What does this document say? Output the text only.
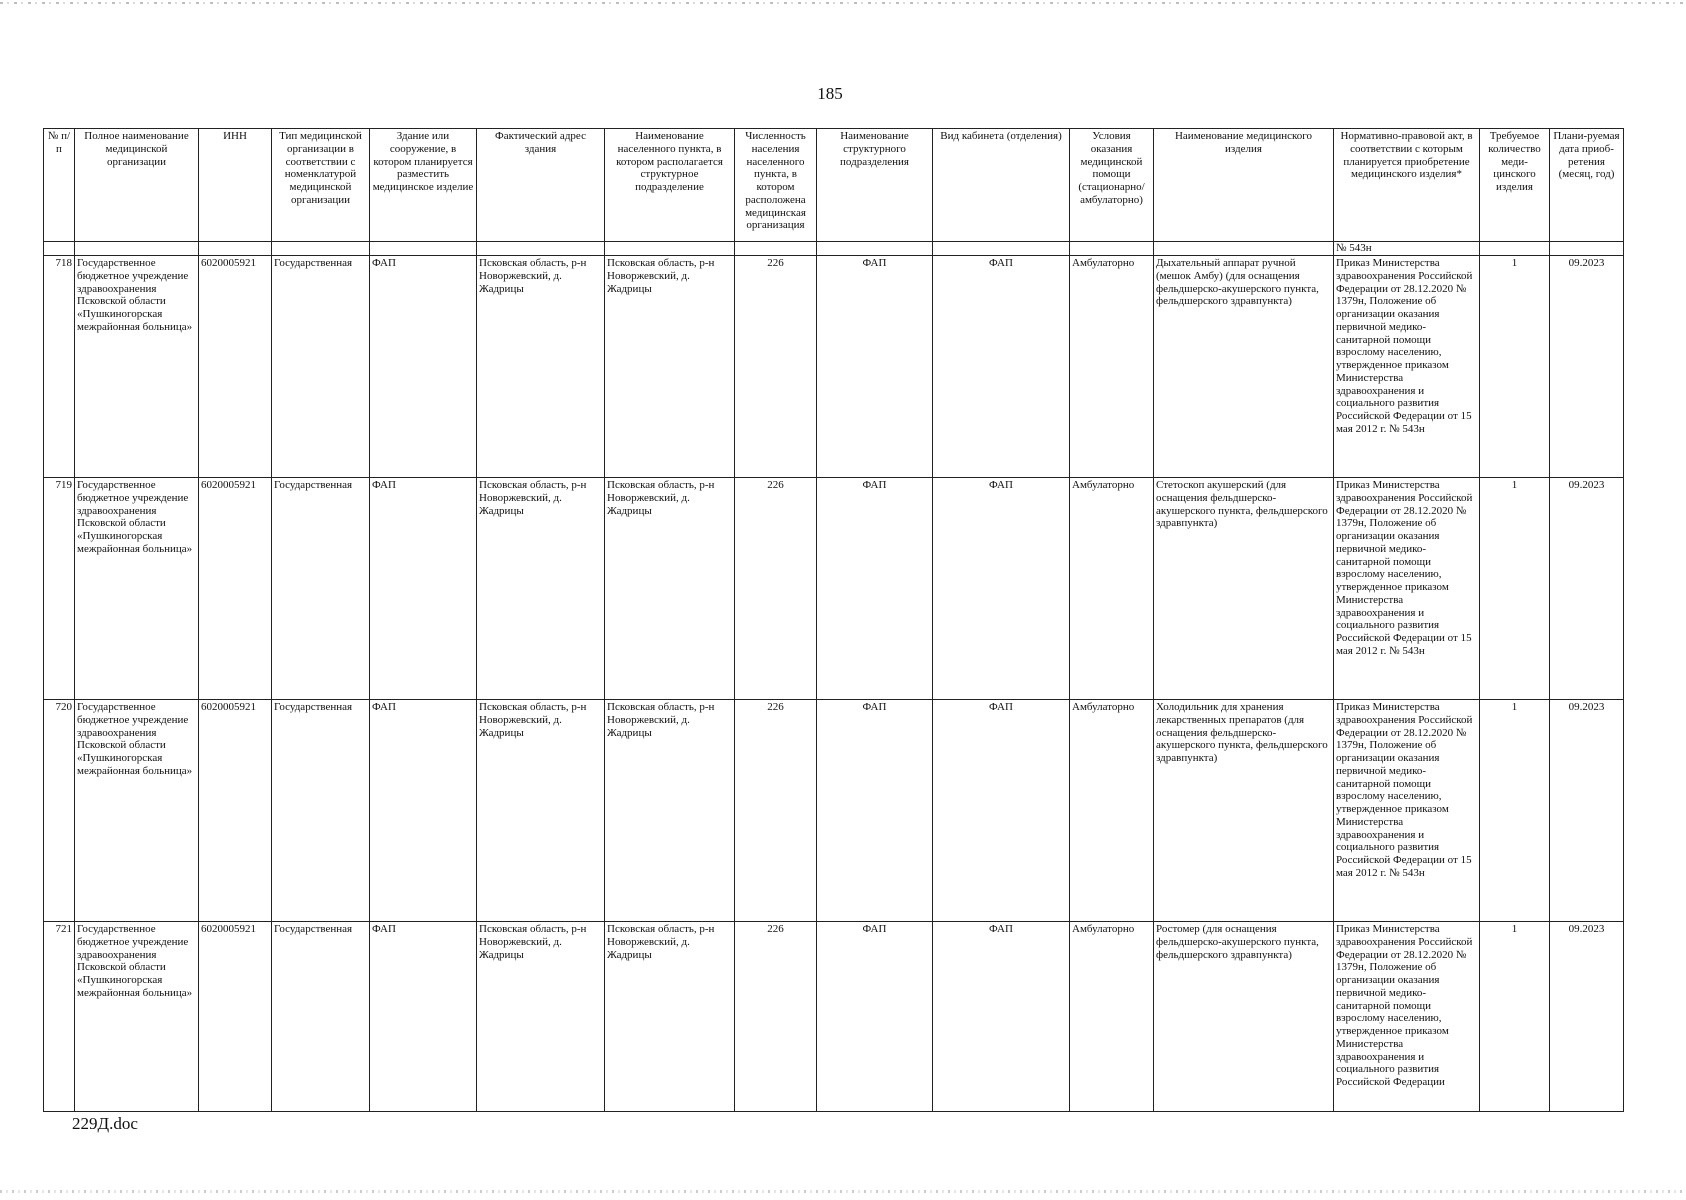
185
№ п/п	Полное наименование медицинской организации	ИНН	Тип медицинской организации в соответствии с номенклатурой медицинской организации	Здание или сооружение, в котором планируется разместить медицинское изделие	Фактический адрес здания	Наименование населенного пункта, в котором располагается структурное подразделение	Численность населения населенного пункта, в котором расположена медицинская организация	Наименование структурного подразделения	Вид кабинета (отделения)	Условия оказания медицинской помощи (стационарно/ амбулаторно)	Наименование медицинского изделия	Нормативно-правовой акт, в соответствии с которым планируется приобретение медицинского изделия*	Требуемое количество меди-цинского изделия	Плани-руемая дата приоб-ретения (месяц, год)
												№ 543н		
718	Государственное бюджетное учреждение здравоохранения Псковской области «Пушкиногорская межрайонная больница»	6020005921	Государственная	ФАП	Псковская область, р-н Новоржевский, д. Жадрицы	Псковская область, р-н Новоржевский, д. Жадрицы	226	ФАП	ФАП	Амбулаторно	Дыхательный аппарат ручной (мешок Амбу) (для оснащения фельдшерско-акушерского пункта, фельдшерского здравпункта)	Приказ Министерства здравоохранения Российской Федерации от 28.12.2020 № 1379н, Положение об организации оказания первичной медико-санитарной помощи взрослому населению, утвержденное приказом Министерства здравоохранения и социального развития Российской Федерации от 15 мая 2012 г. № 543н	1	09.2023
719	Государственное бюджетное учреждение здравоохранения Псковской области «Пушкиногорская межрайонная больница»	6020005921	Государственная	ФАП	Псковская область, р-н Новоржевский, д. Жадрицы	Псковская область, р-н Новоржевский, д. Жадрицы	226	ФАП	ФАП	Амбулаторно	Стетоскоп акушерский (для оснащения фельдшерско-акушерского пункта, фельдшерского здравпункта)	Приказ Министерства здравоохранения Российской Федерации от 28.12.2020 № 1379н, Положение об организации оказания первичной медико-санитарной помощи взрослому населению, утвержденное приказом Министерства здравоохранения и социального развития Российской Федерации от 15 мая 2012 г. № 543н	1	09.2023
720	Государственное бюджетное учреждение здравоохранения Псковской области «Пушкиногорская межрайонная больница»	6020005921	Государственная	ФАП	Псковская область, р-н Новоржевский, д. Жадрицы	Псковская область, р-н Новоржевский, д. Жадрицы	226	ФАП	ФАП	Амбулаторно	Холодильник для хранения лекарственных препаратов (для оснащения фельдшерско-акушерского пункта, фельдшерского здравпункта)	Приказ Министерства здравоохранения Российской Федерации от 28.12.2020 № 1379н, Положение об организации оказания первичной медико-санитарной помощи взрослому населению, утвержденное приказом Министерства здравоохранения и социального развития Российской Федерации от 15 мая 2012 г. № 543н	1	09.2023
721	Государственное бюджетное учреждение здравоохранения Псковской области «Пушкиногорская межрайонная больница»	6020005921	Государственная	ФАП	Псковская область, р-н Новоржевский, д. Жадрицы	Псковская область, р-н Новоржевский, д. Жадрицы	226	ФАП	ФАП	Амбулаторно	Ростомер (для оснащения фельдшерско-акушерского пункта, фельдшерского здравпункта)	Приказ Министерства здравоохранения Российской Федерации от 28.12.2020 № 1379н, Положение об организации оказания первичной медико-санитарной помощи взрослому населению, утвержденное приказом Министерства здравоохранения и социального развития Российской Федерации	1	09.2023
229Д.doc
